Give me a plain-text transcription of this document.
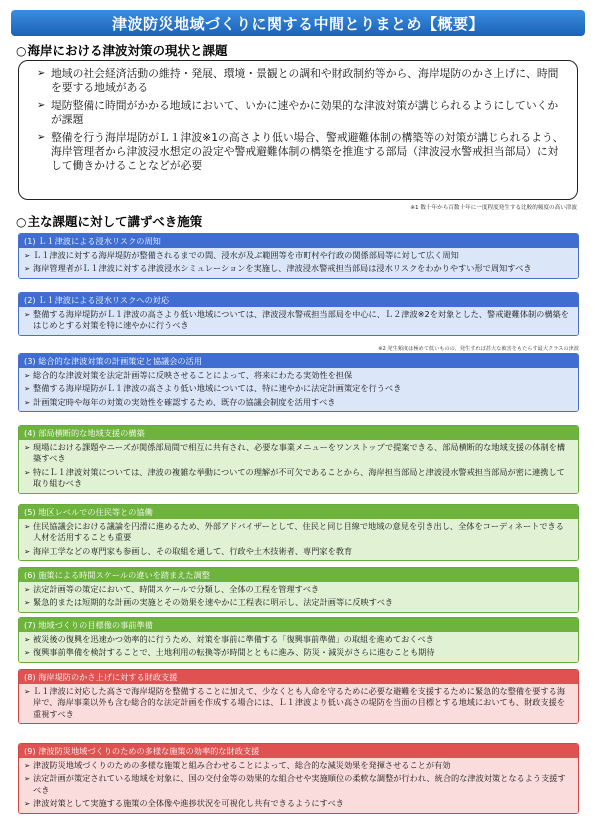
津波防災地域づくりに関する中間とりまとめ【概要】
○海岸における津波対策の現状と課題
➢ 地域の社会経済活動の維持・発展、環境・景観との調和や財政制約等から、海岸堤防のかさ上げに、時間を要する地域がある
➢ 堤防整備に時間がかかる地域において、いかに速やかに効果的な津波対策が講じられるようにしていくかが課題
➢ 整備を行う海岸堤防がＬ１津波※1の高さより低い場合、警戒避難体制の構築等の対策が講じられるよう、海岸管理者から津波浸水想定の設定や警戒避難体制の構築を推進する部局（津波浸水警戒担当部局）に対して働きかけることなどが必要
※1 数十年から百数十年に一度程度発生する比較的頻度の高い津波
○主な課題に対して講ずべき施策
(1) Ｌ１津波による浸水リスクの周知
➢ Ｌ１津波に対する海岸堤防が整備されるまでの間、浸水が及ぶ範囲等を市町村や行政の関係部局等に対して広く周知
➢ 海岸管理者がＬ１津波に対する津波浸水シミュレーションを実施し、津波浸水警戒担当部局は浸水リスクをわかりやすい形で周知すべき
(2) Ｌ１津波による浸水リスクへの対応
➢ 整備する海岸堤防がＬ１津波の高さより低い地域については、津波浸水警戒担当部局を中心に、Ｌ２津波※2を対象とした、警戒避難体制の構築をはじめとする対策を特に速やかに行うべき
※2 発生頻度は極めて低いものの、発生すれば甚大な被害をもたらす最大クラスの津波
(3) 総合的な津波対策の計画策定と協議会の活用
➢ 総合的な津波対策を法定計画等に反映させることによって、将来にわたる実効性を担保
➢ 整備する海岸堤防がＬ１津波の高さより低い地域については、特に速やかに法定計画策定を行うべき
➢ 計画策定時や毎年の対策の実効性を確認するため、既存の協議会制度を活用すべき
(4) 部局横断的な地域支援の構築
➢ 現場における課題やニーズが関係部局間で相互に共有され、必要な事業メニューをワンストップで提案できる、部局横断的な地域支援の体制を構築すべき
➢ 特にＬ１津波対策については、津波の複雑な挙動についての理解が不可欠であることから、海岸担当部局と津波浸水警戒担当部局が密に連携して取り組むべき
(5) 地区レベルでの住民等との協働
➢ 住民協議会における議論を円滑に進めるため、外部アドバイザーとして、住民と同じ目線で地域の意見を引き出し、全体をコーディネートできる人材を活用することも重要
➢ 海岸工学などの専門家も参画し、その取組を通して、行政や土木技術者、専門家を教育
(6) 施策による時間スケールの違いを踏まえた調整
➢ 法定計画等の策定において、時間スケールで分類し、全体の工程を管理すべき
➢ 緊急的または短期的な計画の実施とその効果を速やかに工程表に明示し、法定計画等に反映すべき
(7) 地域づくりの目標像の事前準備
➢ 被災後の復興を迅速かつ効率的に行うため、対策を事前に準備する「復興事前準備」の取組を進めておくべき
➢ 復興事前準備を検討することで、土地利用の転換等が時間とともに進み、防災・減災がさらに進むことも期待
(8) 海岸堤防のかさ上げに対する財政支援
➢ Ｌ１津波に対応した高さで海岸堤防を整備することに加えて、少なくとも人命を守るために必要な避難を支援するために緊急的な整備を要する海岸で、海岸事業以外も含む総合的な法定計画を作成する場合には、Ｌ１津波より低い高さの堤防を当面の目標とする地域においても、財政支援を重視すべき
(9) 津波防災地域づくりのための多様な施策の効率的な財政支援
➢ 津波防災地域づくりのための多様な施策と組み合わせることによって、総合的な減災効果を発揮させることが有効
➢ 法定計画が策定されている地域を対象に、国の交付金等の効果的な組合せや実施順位の柔軟な調整が行われ、統合的な津波対策となるよう支援すべき
➢ 津波対策として実施する施策の全体像や進捗状況を可視化し共有できるようにすべき
